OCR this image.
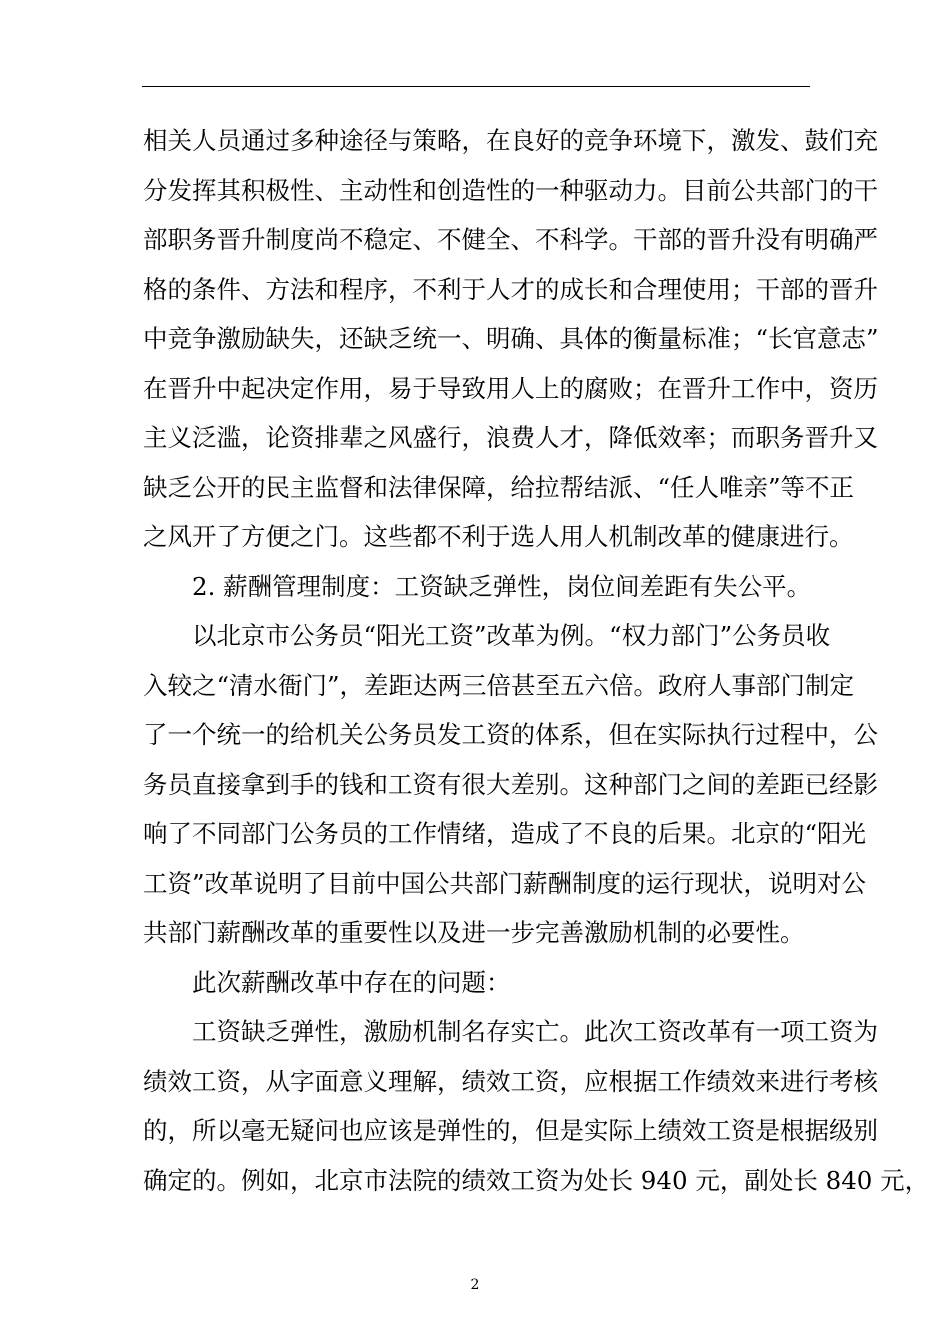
相关人员通过多种途径与策略，在良好的竞争环境下，激发、鼓们充
分发挥其积极性、主动性和创造性的一种驱动力。目前公共部门的干
部职务晋升制度尚不稳定、不健全、不科学。干部的晋升没有明确严
格的条件、方法和程序，不利于人才的成长和合理使用；干部的晋升
中竞争激励缺失，还缺乏统一、明确、具体的衡量标准；“长官意志”
在晋升中起决定作用，易于导致用人上的腐败；在晋升工作中，资历
主义泛滥，论资排辈之风盛行，浪费人才，降低效率；而职务晋升又
缺乏公开的民主监督和法律保障，给拉帮结派、“任人唯亲”等不正
之风开了方便之门。这些都不利于选人用人机制改革的健康进行。
2. 薪酬管理制度：工资缺乏弹性，岗位间差距有失公平。
以北京市公务员“阳光工资”改革为例。“权力部门”公务员收
入较之“清水衙门”，差距达两三倍甚至五六倍。政府人事部门制定
了一个统一的给机关公务员发工资的体系，但在实际执行过程中，公
务员直接拿到手的钱和工资有很大差别。这种部门之间的差距已经影
响了不同部门公务员的工作情绪，造成了不良的后果。北京的“阳光
工资”改革说明了目前中国公共部门薪酬制度的运行现状，说明对公
共部门薪酬改革的重要性以及进一步完善激励机制的必要性。
此次薪酬改革中存在的问题：
工资缺乏弹性，激励机制名存实亡。此次工资改革有一项工资为
绩效工资，从字面意义理解，绩效工资，应根据工作绩效来进行考核
的，所以毫无疑问也应该是弹性的，但是实际上绩效工资是根据级别
确定的。例如，北京市法院的绩效工资为处长 940 元，副处长 840 元，
2
